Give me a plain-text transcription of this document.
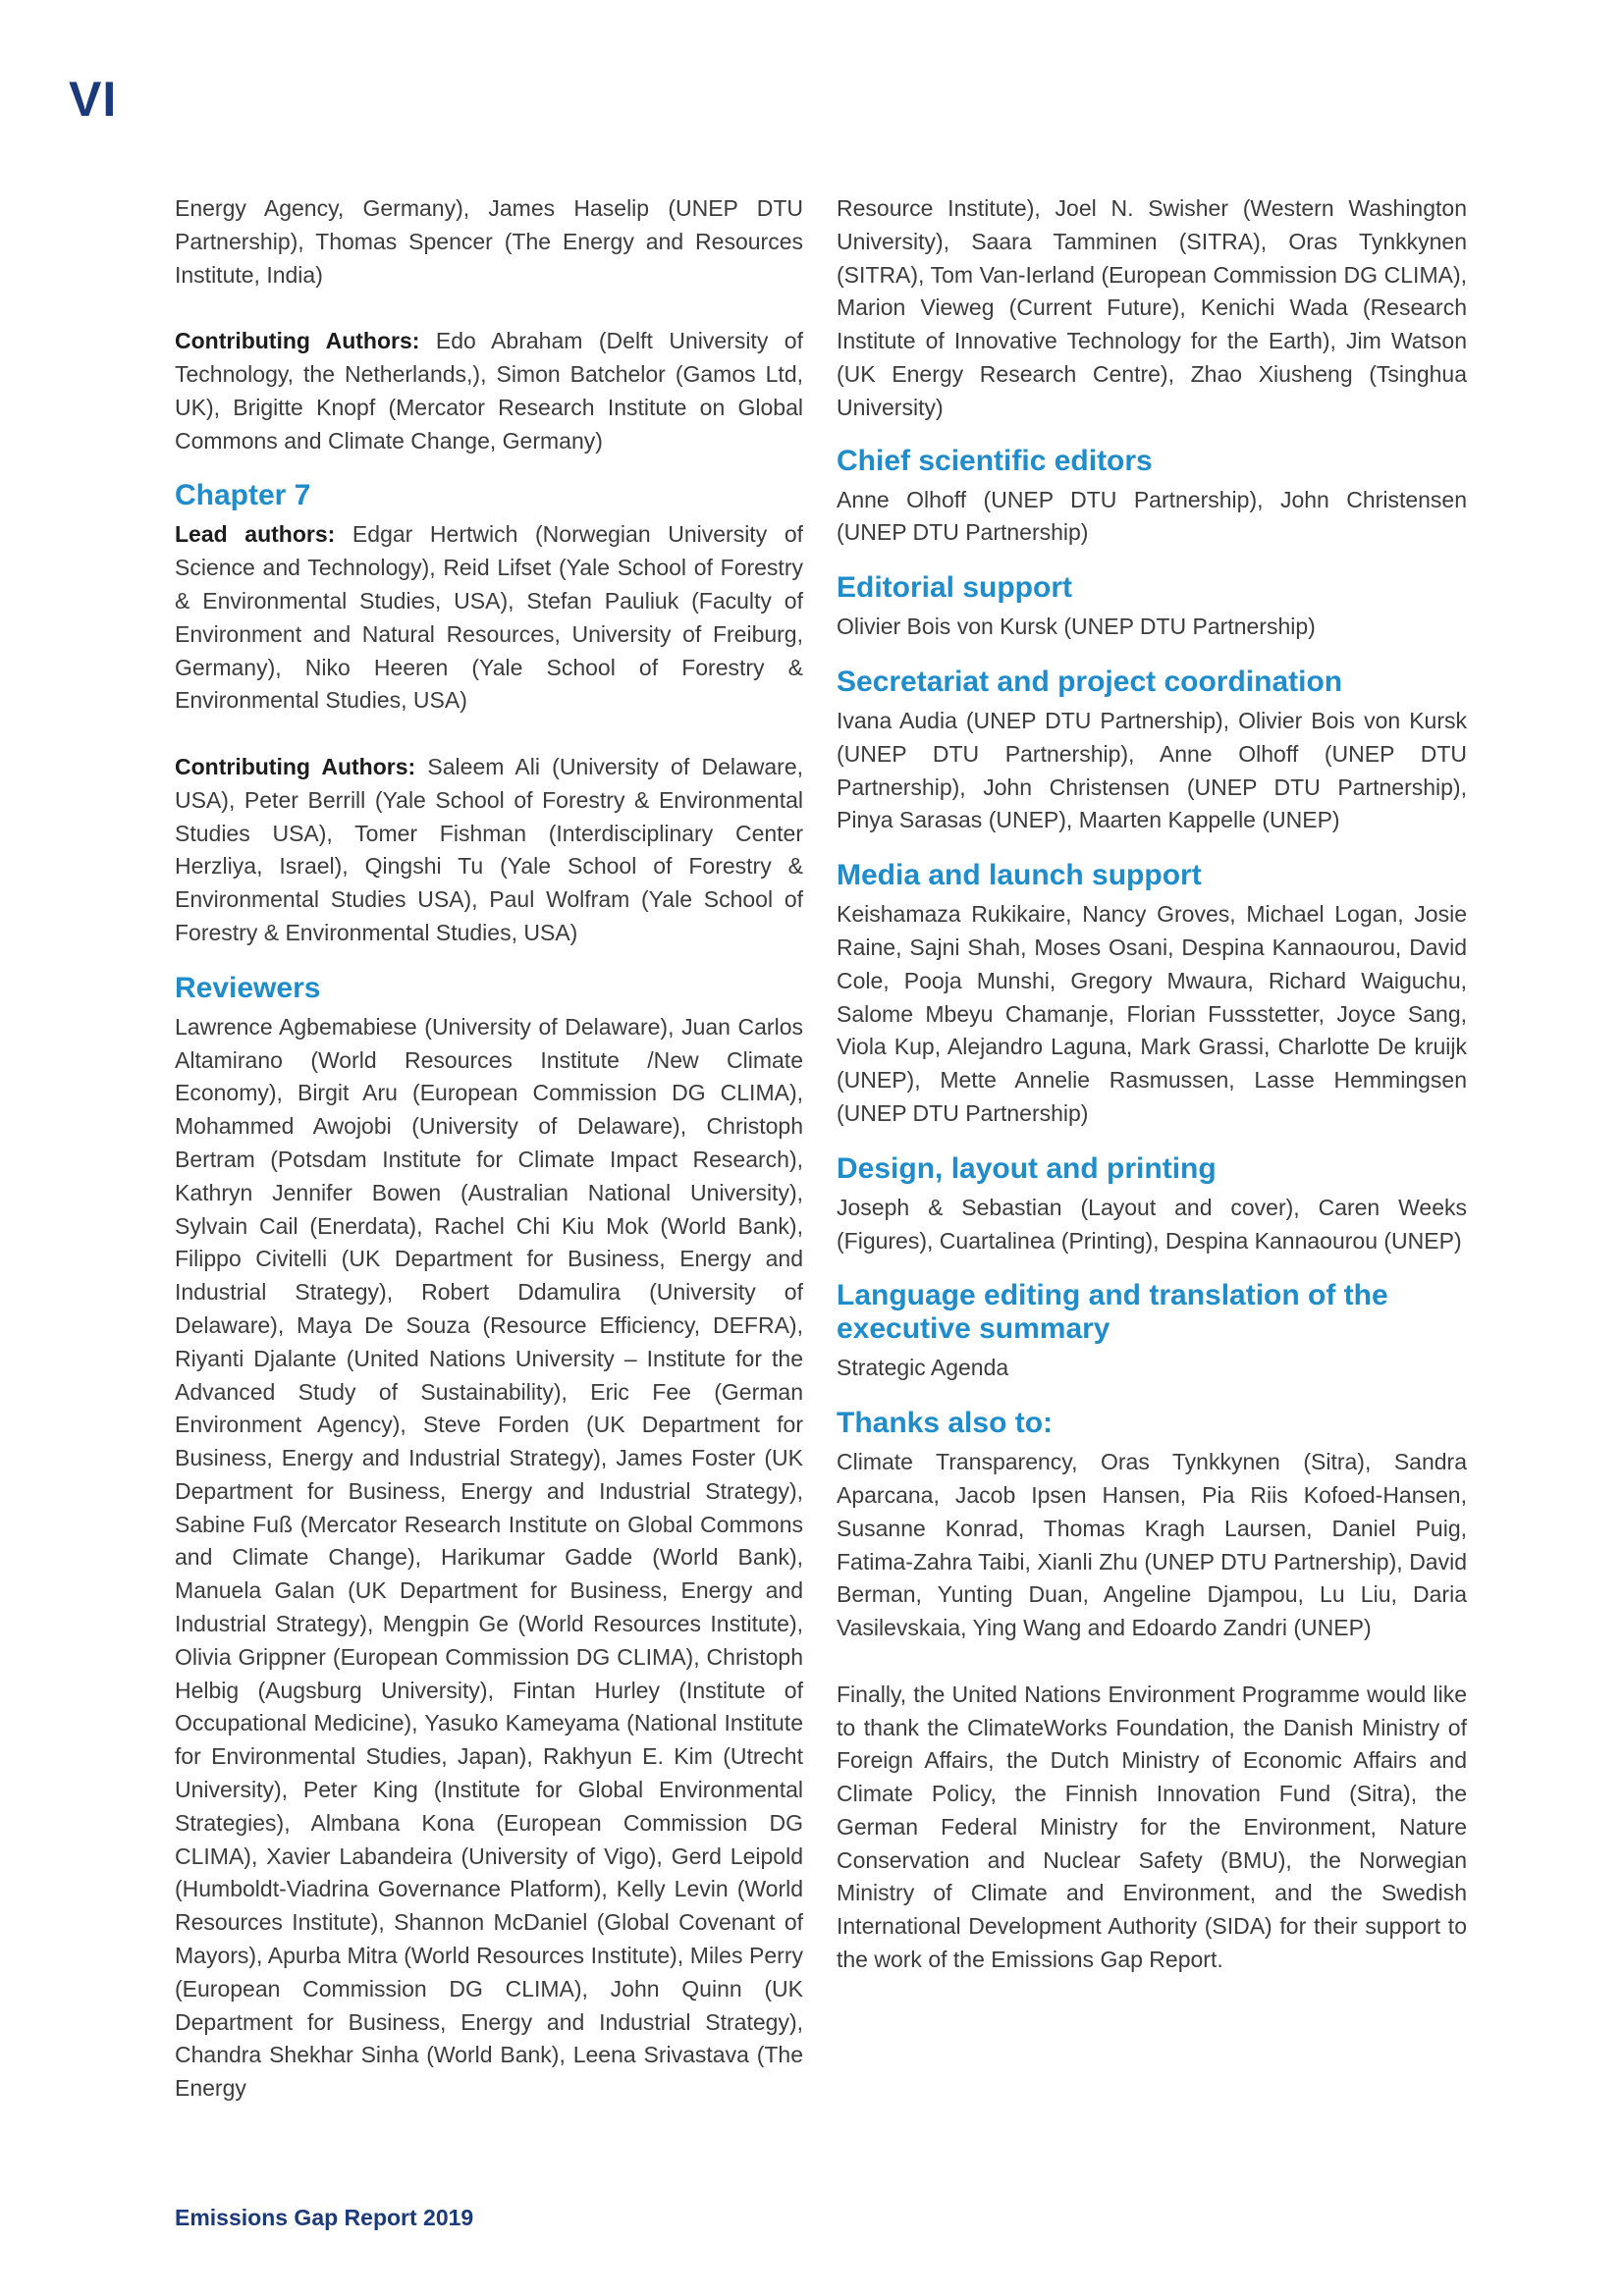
VI

Energy Agency, Germany), James Haselip (UNEP DTU Partnership), Thomas Spencer (The Energy and Resources Institute, India)

Contributing Authors: Edo Abraham (Delft University of Technology, the Netherlands,), Simon Batchelor (Gamos Ltd, UK), Brigitte Knopf (Mercator Research Institute on Global Commons and Climate Change, Germany)

Chapter 7

Lead authors: Edgar Hertwich (Norwegian University of Science and Technology), Reid Lifset (Yale School of Forestry & Environmental Studies, USA), Stefan Pauliuk (Faculty of Environment and Natural Resources, University of Freiburg, Germany), Niko Heeren (Yale School of Forestry & Environmental Studies, USA)

Contributing Authors: Saleem Ali (University of Delaware, USA), Peter Berrill (Yale School of Forestry & Environmental Studies USA), Tomer Fishman (Interdisciplinary Center Herzliya, Israel), Qingshi Tu (Yale School of Forestry & Environmental Studies USA), Paul Wolfram (Yale School of Forestry & Environmental Studies, USA)

Reviewers

Lawrence Agbemabiese (University of Delaware), Juan Carlos Altamirano (World Resources Institute /New Climate Economy), Birgit Aru (European Commission DG CLIMA), Mohammed Awojobi (University of Delaware), Christoph Bertram (Potsdam Institute for Climate Impact Research), Kathryn Jennifer Bowen (Australian National University), Sylvain Cail (Enerdata), Rachel Chi Kiu Mok (World Bank), Filippo Civitelli (UK Department for Business, Energy and Industrial Strategy), Robert Ddamulira (University of Delaware), Maya De Souza (Resource Efficiency, DEFRA), Riyanti Djalante (United Nations University – Institute for the Advanced Study of Sustainability), Eric Fee (German Environment Agency), Steve Forden (UK Department for Business, Energy and Industrial Strategy), James Foster (UK Department for Business, Energy and Industrial Strategy), Sabine Fuß (Mercator Research Institute on Global Commons and Climate Change), Harikumar Gadde (World Bank), Manuela Galan (UK Department for Business, Energy and Industrial Strategy), Mengpin Ge (World Resources Institute), Olivia Grippner (European Commission DG CLIMA), Christoph Helbig (Augsburg University), Fintan Hurley (Institute of Occupational Medicine), Yasuko Kameyama (National Institute for Environmental Studies, Japan), Rakhyun E. Kim (Utrecht University), Peter King (Institute for Global Environmental Strategies), Almbana Kona (European Commission DG CLIMA), Xavier Labandeira (University of Vigo), Gerd Leipold (Humboldt-Viadrina Governance Platform), Kelly Levin (World Resources Institute), Shannon McDaniel (Global Covenant of Mayors), Apurba Mitra (World Resources Institute), Miles Perry (European Commission DG CLIMA), John Quinn (UK Department for Business, Energy and Industrial Strategy), Chandra Shekhar Sinha (World Bank), Leena Srivastava (The Energy

Resource Institute), Joel N. Swisher (Western Washington University), Saara Tamminen (SITRA), Oras Tynkkynen (SITRA), Tom Van-Ierland (European Commission DG CLIMA), Marion Vieweg (Current Future), Kenichi Wada (Research Institute of Innovative Technology for the Earth), Jim Watson (UK Energy Research Centre), Zhao Xiusheng (Tsinghua University)

Chief scientific editors

Anne Olhoff (UNEP DTU Partnership), John Christensen (UNEP DTU Partnership)

Editorial support

Olivier Bois von Kursk (UNEP DTU Partnership)

Secretariat and project coordination

Ivana Audia (UNEP DTU Partnership), Olivier Bois von Kursk (UNEP DTU Partnership), Anne Olhoff (UNEP DTU Partnership), John Christensen (UNEP DTU Partnership), Pinya Sarasas (UNEP), Maarten Kappelle (UNEP)

Media and launch support

Keishamaza Rukikaire, Nancy Groves, Michael Logan, Josie Raine, Sajni Shah, Moses Osani, Despina Kannaourou, David Cole, Pooja Munshi, Gregory Mwaura, Richard Waiguchu, Salome Mbeyu Chamanje, Florian Fussstetter, Joyce Sang, Viola Kup, Alejandro Laguna, Mark Grassi, Charlotte De kruijk (UNEP), Mette Annelie Rasmussen, Lasse Hemmingsen (UNEP DTU Partnership)

Design, layout and printing

Joseph & Sebastian (Layout and cover), Caren Weeks (Figures), Cuartalinea (Printing), Despina Kannaourou (UNEP)

Language editing and translation of the executive summary

Strategic Agenda

Thanks also to:

Climate Transparency, Oras Tynkkynen (Sitra), Sandra Aparcana, Jacob Ipsen Hansen, Pia Riis Kofoed-Hansen, Susanne Konrad, Thomas Kragh Laursen, Daniel Puig, Fatima-Zahra Taibi, Xianli Zhu (UNEP DTU Partnership), David Berman, Yunting Duan, Angeline Djampou, Lu Liu, Daria Vasilevskaia, Ying Wang and Edoardo Zandri (UNEP)

Finally, the United Nations Environment Programme would like to thank the ClimateWorks Foundation, the Danish Ministry of Foreign Affairs, the Dutch Ministry of Economic Affairs and Climate Policy, the Finnish Innovation Fund (Sitra), the German Federal Ministry for the Environment, Nature Conservation and Nuclear Safety (BMU), the Norwegian Ministry of Climate and Environment, and the Swedish International Development Authority (SIDA) for their support to the work of the Emissions Gap Report.

Emissions Gap Report 2019
